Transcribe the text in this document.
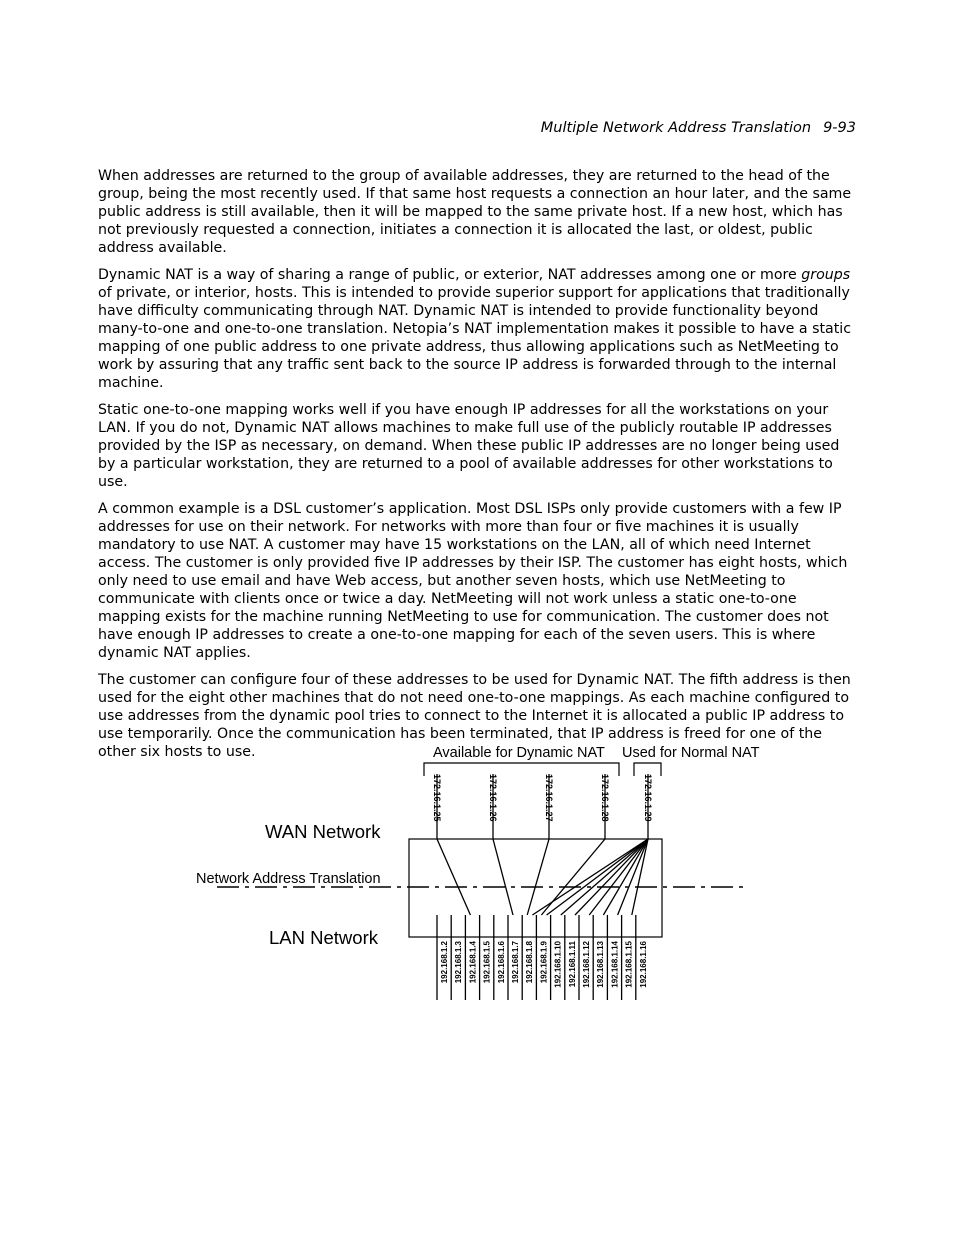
Multiple Network Address Translation 9-93

When addresses are returned to the group of available addresses, they are returned to the head of the group, being the most recently used. If that same host requests a connection an hour later, and the same public address is still available, then it will be mapped to the same private host. If a new host, which has not previously requested a connection, initiates a connection it is allocated the last, or oldest, public address available.

Dynamic NAT is a way of sharing a range of public, or exterior, NAT addresses among one or more groups of private, or interior, hosts. This is intended to provide superior support for applications that traditionally have difficulty communicating through NAT. Dynamic NAT is intended to provide functionality beyond many-to-one and one-to-one translation. Netopia’s NAT implementation makes it possible to have a static mapping of one public address to one private address, thus allowing applications such as NetMeeting to work by assuring that any traffic sent back to the source IP address is forwarded through to the internal machine.

Static one-to-one mapping works well if you have enough IP addresses for all the workstations on your LAN. If you do not, Dynamic NAT allows machines to make full use of the publicly routable IP addresses provided by the ISP as necessary, on demand. When these public IP addresses are no longer being used by a particular workstation, they are returned to a pool of available addresses for other workstations to use.

A common example is a DSL customer’s application. Most DSL ISPs only provide customers with a few IP addresses for use on their network. For networks with more than four or five machines it is usually mandatory to use NAT. A customer may have 15 workstations on the LAN, all of which need Internet access. The customer is only provided five IP addresses by their ISP. The customer has eight hosts, which only need to use email and have Web access, but another seven hosts, which use NetMeeting to communicate with clients once or twice a day. NetMeeting will not work unless a static one-to-one mapping exists for the machine running NetMeeting to use for communication. The customer does not have enough IP addresses to create a one-to-one mapping for each of the seven users. This is where dynamic NAT applies.

The customer can configure four of these addresses to be used for Dynamic NAT. The fifth address is then used for the eight other machines that do not need one-to-one mappings. As each machine configured to use addresses from the dynamic pool tries to connect to the Internet it is allocated a public IP address to use temporarily. Once the communication has been terminated, that IP address is freed for one of the other six hosts to use.	Available for Dynamic NAT Used for Normal NAT
WAN Network
Network Address Translation
LAN Network
172.16.1.25	172.16.1.26	172.16.1.27	172.16.1.28	172.16.1.29
192.168.1.2 192.168.1.3 192.168.1.4 192.168.1.5 192.168.1.6 192.168.1.7 192.168.1.8 192.168.1.9 192.168.1.10 192.168.1.11 192.168.1.12 192.168.1.13 192.168.1.14 192.168.1.15 192.168.1.16
